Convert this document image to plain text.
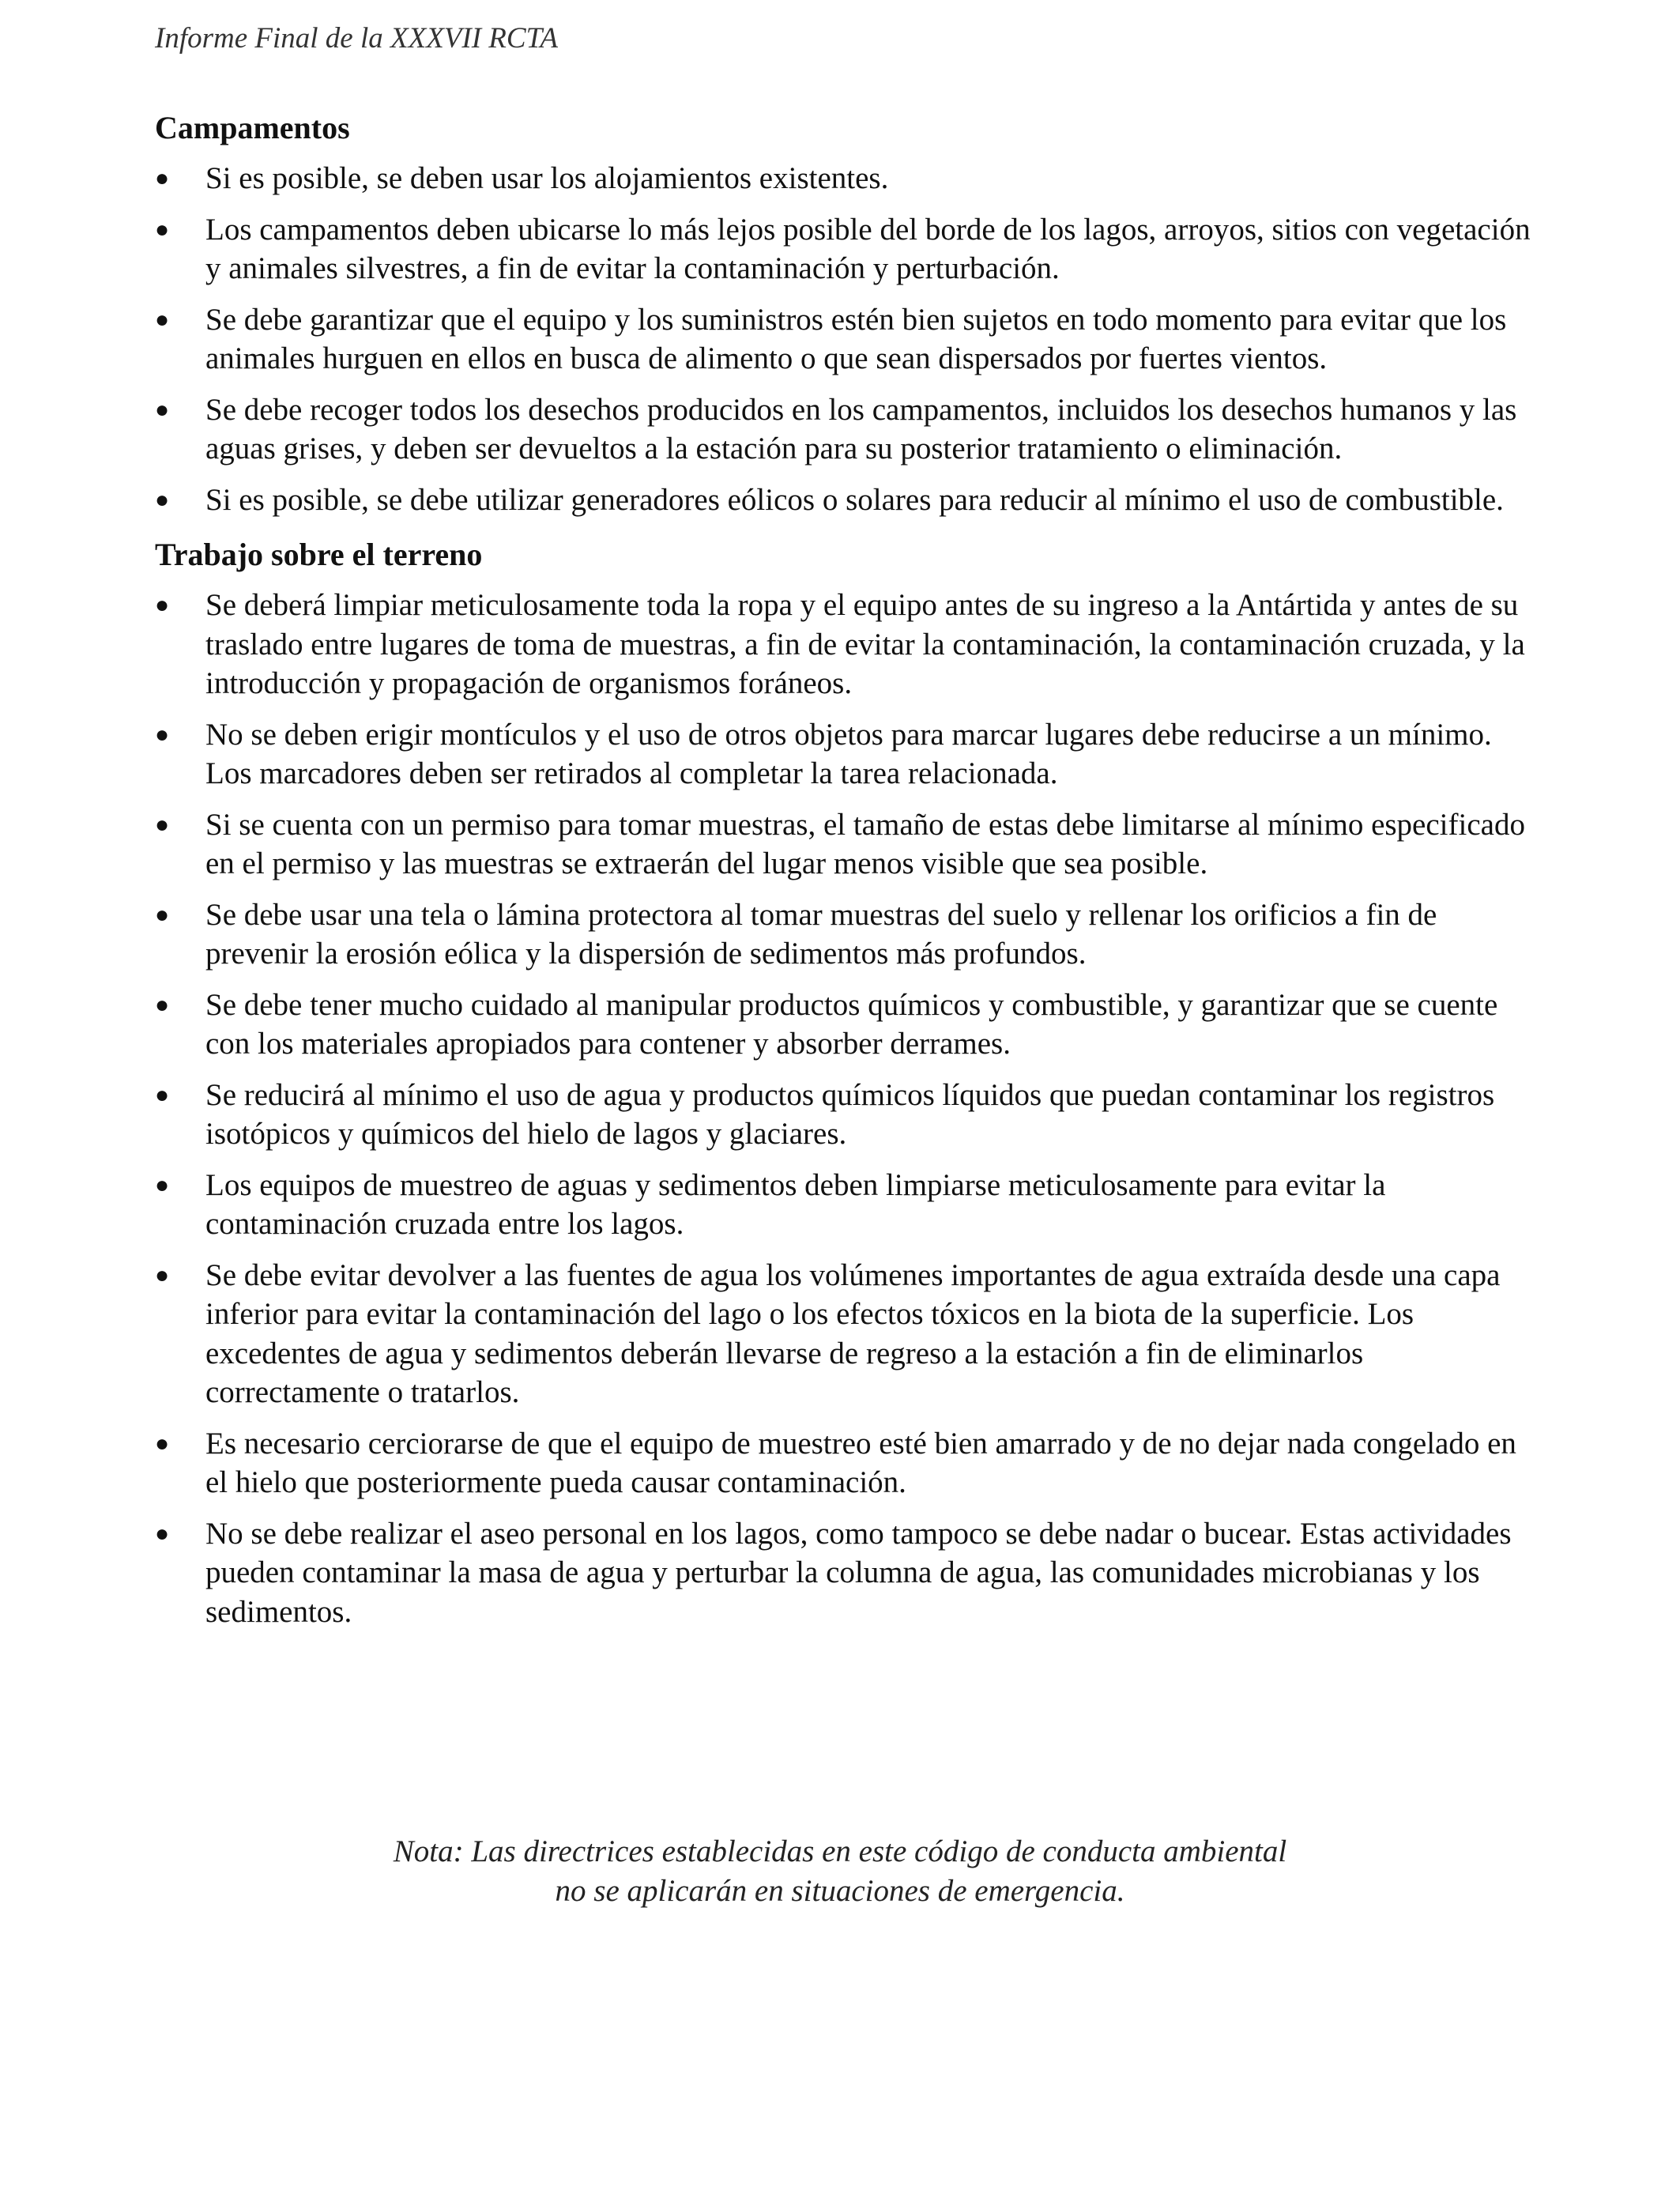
Informe Final de la XXXVII RCTA
Campamentos
● Si es posible, se deben usar los alojamientos existentes.
● Los campamentos deben ubicarse lo más lejos posible del borde de los lagos, arroyos, sitios con vegetación y animales silvestres, a fin de evitar la contaminación y perturbación.
● Se debe garantizar que el equipo y los suministros estén bien sujetos en todo momento para evitar que los animales hurguen en ellos en busca de alimento o que sean dispersados por fuertes vientos.
● Se debe recoger todos los desechos producidos en los campamentos, incluidos los desechos humanos y las aguas grises, y deben ser devueltos a la estación para su posterior tratamiento o eliminación.
● Si es posible, se debe utilizar generadores eólicos o solares para reducir al mínimo el uso de combustible.
Trabajo sobre el terreno
● Se deberá limpiar meticulosamente toda la ropa y el equipo antes de su ingreso a la Antártida y antes de su traslado entre lugares de toma de muestras, a fin de evitar la contaminación, la contaminación cruzada, y la introducción y propagación de organismos foráneos.
● No se deben erigir montículos y el uso de otros objetos para marcar lugares debe reducirse a un mínimo. Los marcadores deben ser retirados al completar la tarea relacionada.
● Si se cuenta con un permiso para tomar muestras, el tamaño de estas debe limitarse al mínimo especificado en el permiso y las muestras se extraerán del lugar menos visible que sea posible.
● Se debe usar una tela o lámina protectora al tomar muestras del suelo y rellenar los orificios a fin de prevenir la erosión eólica y la dispersión de sedimentos más profundos.
● Se debe tener mucho cuidado al manipular productos químicos y combustible, y garantizar que se cuente con los materiales apropiados para contener y absorber derrames.
● Se reducirá al mínimo el uso de agua y productos químicos líquidos que puedan contaminar los registros isotópicos y químicos del hielo de lagos y glaciares.
● Los equipos de muestreo de aguas y sedimentos deben limpiarse meticulosamente para evitar la contaminación cruzada entre los lagos.
● Se debe evitar devolver a las fuentes de agua los volúmenes importantes de agua extraída desde una capa inferior para evitar la contaminación del lago o los efectos tóxicos en la biota de la superficie. Los excedentes de agua y sedimentos deberán llevarse de regreso a la estación a fin de eliminarlos correctamente o tratarlos.
● Es necesario cerciorarse de que el equipo de muestreo esté bien amarrado y de no dejar nada congelado en el hielo que posteriormente pueda causar contaminación.
● No se debe realizar el aseo personal en los lagos, como tampoco se debe nadar o bucear. Estas actividades pueden contaminar la masa de agua y perturbar la columna de agua, las comunidades microbianas y los sedimentos.
Nota: Las directrices establecidas en este código de conducta ambiental
no se aplicarán en situaciones de emergencia.
